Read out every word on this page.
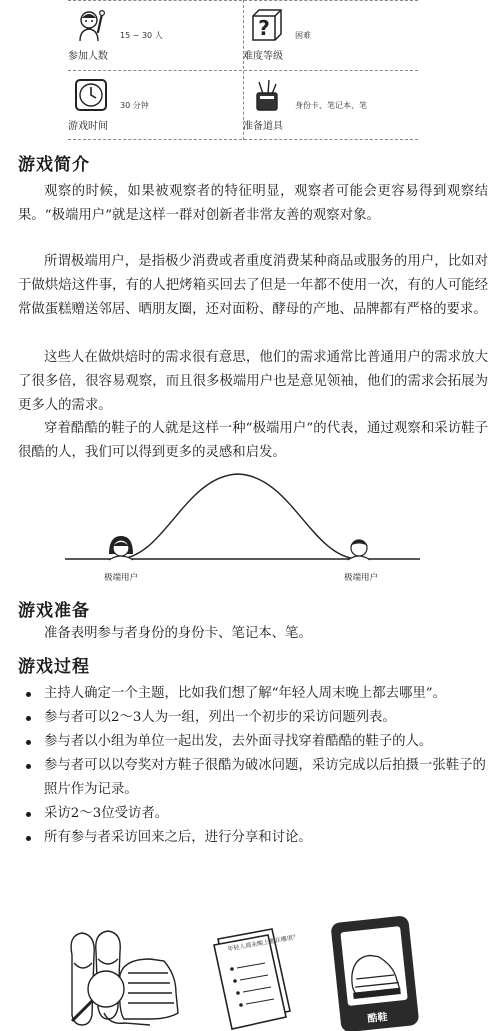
15 ~ 30 人
参加人数
?	困难
难度等级
30 分钟
游戏时间
身份卡、笔记本、笔
准备道具
游戏简介

观察的时候，如果被观察者的特征明显，观察者可能会更容易得到观察结果。“极端用户”就是这样一群对创新者非常友善的观察对象。

所谓极端用户，是指极少消费或者重度消费某种商品或服务的用户，比如对于做烘焙这件事，有的人把烤箱买回去了但是一年都不使用一次，有的人可能经常做蛋糕赠送邻居、晒朋友圈，还对面粉、酵母的产地、品牌都有严格的要求。

这些人在做烘焙时的需求很有意思，他们的需求通常比普通用户的需求放大了很多倍，很容易观察，而且很多极端用户也是意见领袖，他们的需求会拓展为更多人的需求。

穿着酷酷的鞋子的人就是这样一种“极端用户”的代表，通过观察和采访鞋子很酷的人，我们可以得到更多的灵感和启发。

极端用户	极端用户
游戏准备

准备表明参与者身份的身份卡、笔记本、笔。

游戏过程
主持人确定一个主题，比如我们想了解“年轻人周末晚上都去哪里”。
参与者可以2～3人为一组，列出一个初步的采访问题列表。
参与者以小组为单位一起出发，去外面寻找穿着酷酷的鞋子的人。
参与者可以以夸奖对方鞋子很酷为破冰问题，采访完成以后拍摄一张鞋子的照片作为记录。
采访2～3位受访者。
所有参与者采访回来之后，进行分享和讨论。
年轻人周末晚上都在哪里？
酷鞋
